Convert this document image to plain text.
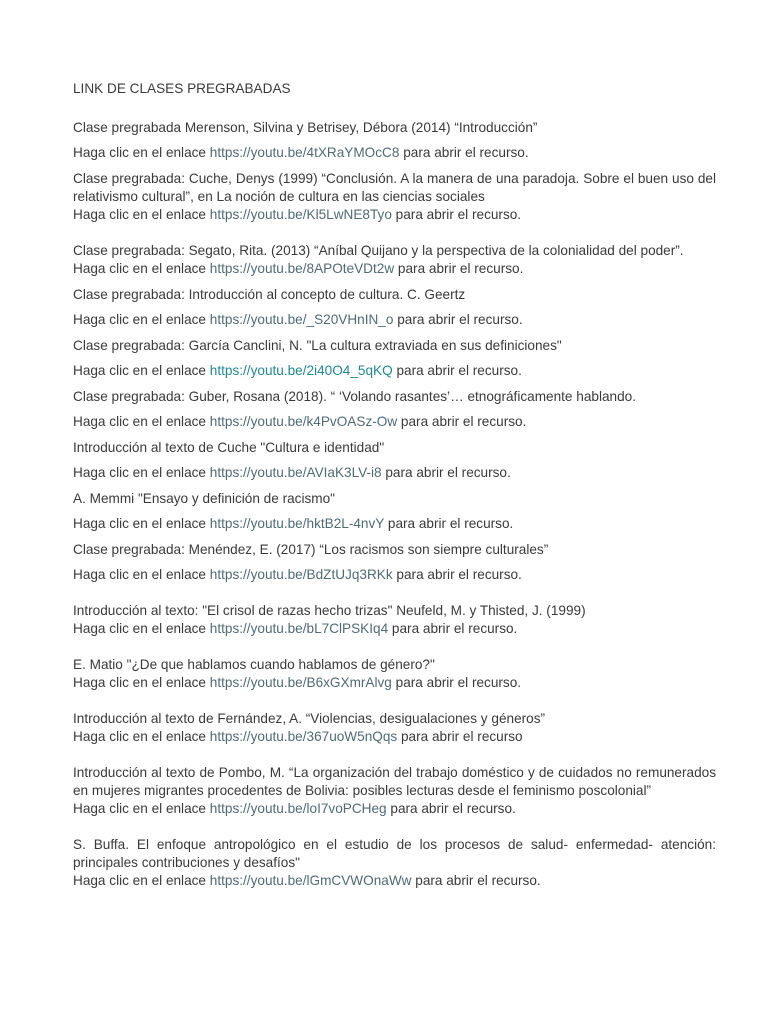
LINK DE CLASES PREGRABADAS

Clase pregrabada Merenson, Silvina y Betrisey, Débora (2014) “Introducción”

Haga clic en el enlace https://youtu.be/4tXRaYMOcC8 para abrir el recurso.

Clase pregrabada: Cuche, Denys (1999) “Conclusión. A la manera de una paradoja. Sobre el buen uso del relativismo cultural”, en La noción de cultura en las ciencias sociales

Haga clic en el enlace https://youtu.be/Kl5LwNE8Tyo para abrir el recurso.

Clase pregrabada: Segato, Rita. (2013) “Aníbal Quijano y la perspectiva de la colonialidad del poder”.

Haga clic en el enlace https://youtu.be/8APOteVDt2w para abrir el recurso.

Clase pregrabada: Introducción al concepto de cultura. C. Geertz

Haga clic en el enlace https://youtu.be/_S20VHnIN_o para abrir el recurso.

Clase pregrabada: García Canclini, N. "La cultura extraviada en sus definiciones"

Haga clic en el enlace https://youtu.be/2i40O4_5qKQ para abrir el recurso.

Clase pregrabada: Guber, Rosana (2018). “ ‘Volando rasantes’… etnográficamente hablando.

Haga clic en el enlace https://youtu.be/k4PvOASz-Ow para abrir el recurso.

Introducción al texto de Cuche "Cultura e identidad"

Haga clic en el enlace https://youtu.be/AVIaK3LV-i8 para abrir el recurso.

A. Memmi "Ensayo y definición de racismo"

Haga clic en el enlace https://youtu.be/hktB2L-4nvY para abrir el recurso.

Clase pregrabada: Menéndez, E. (2017) “Los racismos son siempre culturales”

Haga clic en el enlace https://youtu.be/BdZtUJq3RKk para abrir el recurso.

Introducción al texto: "El crisol de razas hecho trizas" Neufeld, M. y Thisted, J. (1999)

Haga clic en el enlace https://youtu.be/bL7ClPSKIq4 para abrir el recurso.

E. Matio "¿De que hablamos cuando hablamos de género?"

Haga clic en el enlace https://youtu.be/B6xGXmrAlvg para abrir el recurso.

Introducción al texto de Fernández, A. “Violencias, desigualaciones y géneros”

Haga clic en el enlace https://youtu.be/367uoW5nQqs para abrir el recurso

Introducción al texto de Pombo, M. “La organización del trabajo doméstico y de cuidados no remunerados en mujeres migrantes procedentes de Bolivia: posibles lecturas desde el feminismo poscolonial”

Haga clic en el enlace https://youtu.be/loI7voPCHeg para abrir el recurso.

S. Buffa. El enfoque antropológico en el estudio de los procesos de salud- enfermedad- atención: principales contribuciones y desafíos"

Haga clic en el enlace https://youtu.be/lGmCVWOnaWw para abrir el recurso.
